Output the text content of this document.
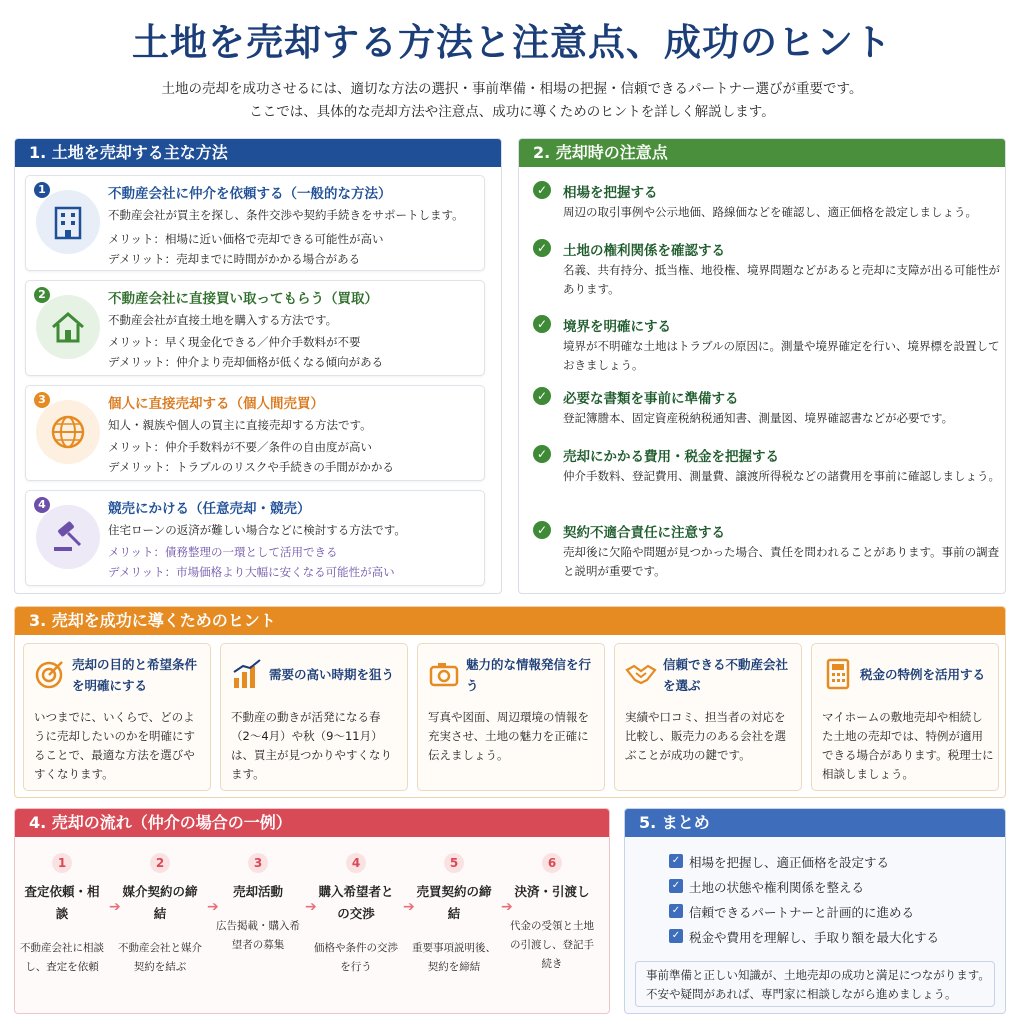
土地を売却する方法と注意点、成功のヒント
土地の売却を成功させるには、適切な方法の選択・事前準備・相場の把握・信頼できるパートナー選びが重要です。
ここでは、具体的な売却方法や注意点、成功に導くためのヒントを詳しく解説します。
1. 土地を売却する主な方法
1	不動産会社に仲介を依頼する（一般的な方法）
不動産会社が買主を探し、条件交渉や契約手続きをサポートします。
メリット：相場に近い価格で売却できる可能性が高い
デメリット：売却までに時間がかかる場合がある
2	不動産会社に直接買い取ってもらう（買取）
不動産会社が直接土地を購入する方法です。
メリット：早く現金化できる／仲介手数料が不要
デメリット：仲介より売却価格が低くなる傾向がある
3	個人に直接売却する（個人間売買）
知人・親族や個人の買主に直接売却する方法です。
メリット：仲介手数料が不要／条件の自由度が高い
デメリット：トラブルのリスクや手続きの手間がかかる
4	競売にかける（任意売却・競売）
住宅ローンの返済が難しい場合などに検討する方法です。
メリット：債務整理の一環として活用できる
デメリット：市場価格より大幅に安くなる可能性が高い
2. 売却時の注意点
✓ 相場を把握する
周辺の取引事例や公示地価、路線価などを確認し、適正価格を設定しましょう。
✓ 土地の権利関係を確認する
名義、共有持分、抵当権、地役権、境界問題などがあると売却に支障が出る可能性があります。
✓ 境界を明確にする
境界が不明確な土地はトラブルの原因に。測量や境界確定を行い、境界標を設置しておきましょう。
✓ 必要な書類を事前に準備する
登記簿謄本、固定資産税納税通知書、測量図、境界確認書などが必要です。
✓ 売却にかかる費用・税金を把握する
仲介手数料、登記費用、測量費、譲渡所得税などの諸費用を事前に確認しましょう。
✓ 契約不適合責任に注意する
売却後に欠陥や問題が見つかった場合、責任を問われることがあります。事前の調査と説明が重要です。
3. 売却を成功に導くためのヒント
売却の目的と希望条件を明確にする
いつまでに、いくらで、どのように売却したいのかを明確にすることで、最適な方法を選びやすくなります。
需要の高い時期を狙う
不動産の動きが活発になる春（2〜4月）や秋（9〜11月）は、買主が見つかりやすくなります。
魅力的な情報発信を行う
写真や図面、周辺環境の情報を充実させ、土地の魅力を正確に伝えましょう。
信頼できる不動産会社を選ぶ
実績や口コミ、担当者の対応を比較し、販売力のある会社を選ぶことが成功の鍵です。
税金の特例を活用する
マイホームの敷地売却や相続した土地の売却では、特例が適用できる場合があります。税理士に相談しましょう。
4. 売却の流れ（仲介の場合の一例）
1
査定依頼・相談
不動産会社に相談し、査定を依頼
➔
2
媒介契約の締結
不動産会社と媒介契約を結ぶ
➔
3
売却活動
広告掲載・購入希望者の募集
➔
4
購入希望者との交渉
価格や条件の交渉を行う
➔
5
売買契約の締結
重要事項説明後、契約を締結
➔
6
決済・引渡し
代金の受領と土地の引渡し、登記手続き
5. まとめ
✓ 相場を把握し、適正価格を設定する
✓ 土地の状態や権利関係を整える
✓ 信頼できるパートナーと計画的に進める
✓ 税金や費用を理解し、手取り額を最大化する
事前準備と正しい知識が、土地売却の成功と満足につながります。
不安や疑問があれば、専門家に相談しながら進めましょう。
